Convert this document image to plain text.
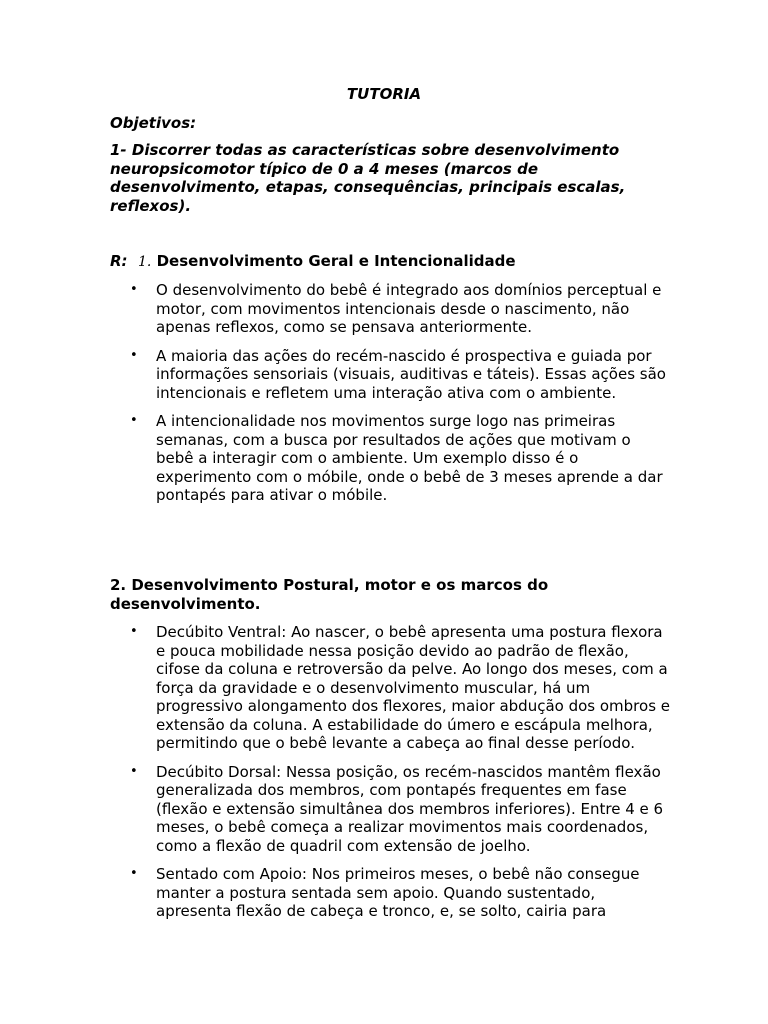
TUTORIA
Objetivos:
1- Discorrer todas as características sobre desenvolvimento neuropsicomotor típico de 0 a 4 meses (marcos de desenvolvimento, etapas, consequências, principais escalas, reflexos).
R: 1. Desenvolvimento Geral e Intencionalidade
• O desenvolvimento do bebê é integrado aos domínios perceptual e motor, com movimentos intencionais desde o nascimento, não apenas reflexos, como se pensava anteriormente.
• A maioria das ações do recém-nascido é prospectiva e guiada por informações sensoriais (visuais, auditivas e táteis). Essas ações são intencionais e refletem uma interação ativa com o ambiente.
• A intencionalidade nos movimentos surge logo nas primeiras semanas, com a busca por resultados de ações que motivam o bebê a interagir com o ambiente. Um exemplo disso é o experimento com o móbile, onde o bebê de 3 meses aprende a dar pontapés para ativar o móbile.
2. Desenvolvimento Postural, motor e os marcos do desenvolvimento.
• Decúbito Ventral: Ao nascer, o bebê apresenta uma postura flexora e pouca mobilidade nessa posição devido ao padrão de flexão, cifose da coluna e retroversão da pelve. Ao longo dos meses, com a força da gravidade e o desenvolvimento muscular, há um progressivo alongamento dos flexores, maior abdução dos ombros e extensão da coluna. A estabilidade do úmero e escápula melhora, permitindo que o bebê levante a cabeça ao final desse período.
• Decúbito Dorsal: Nessa posição, os recém-nascidos mantêm flexão generalizada dos membros, com pontapés frequentes em fase (flexão e extensão simultânea dos membros inferiores). Entre 4 e 6 meses, o bebê começa a realizar movimentos mais coordenados, como a flexão de quadril com extensão de joelho.
• Sentado com Apoio: Nos primeiros meses, o bebê não consegue manter a postura sentada sem apoio. Quando sustentado, apresenta flexão de cabeça e tronco, e, se solto, cairia para
